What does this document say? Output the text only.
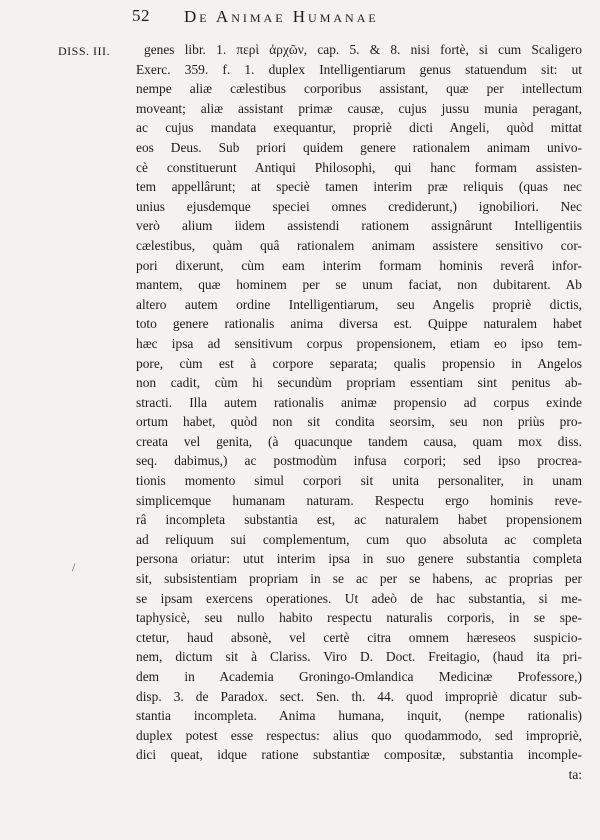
52 De Animae Humanae
DISS. III.
/
genes libr. 1. περὶ ἀρχῶν, cap. 5. & 8. nisi fortè, si cum Scaligero
Exerc. 359. f. 1. duplex Intelligentiarum genus statuendum sit: ut
nempe aliæ cælestibus corporibus assistant, quæ per intellectum
moveant; aliæ assistant primæ causæ, cujus jussu munia peragant,
ac cujus mandata exequantur, propriè dicti Angeli, quòd mittat
eos Deus. Sub priori quidem genere rationalem animam univo-
cè constituerunt Antiqui Philosophi, qui hanc formam assisten-
tem appellârunt; at speciè tamen interim præ reliquis (quas nec
unius ejusdemque speciei omnes crediderunt,) ignobiliori. Nec
verò alium iidem assistendi rationem assignârunt Intelligentiis
cælestibus, quàm quâ rationalem animam assistere sensitivo cor-
pori dixerunt, cùm eam interim formam hominis reverâ infor-
mantem, quæ hominem per se unum faciat, non dubitarent. Ab
altero autem ordine Intelligentiarum, seu Angelis propriè dictis,
toto genere rationalis anima diversa est. Quippe naturalem habet
hæc ipsa ad sensitivum corpus propensionem, etiam eo ipso tem-
pore, cùm est à corpore separata; qualis propensio in Angelos
non cadit, cùm hi secundùm propriam essentiam sint penitus ab-
stracti. Illa autem rationalis animæ propensio ad corpus exinde
ortum habet, quòd non sit condita seorsim, seu non priùs pro-
creata vel genita, (à quacunque tandem causa, quam mox diss.
seq. dabimus,) ac postmodùm infusa corpori; sed ipso procrea-
tionis momento simul corpori sit unita personaliter, in unam
simplicemque humanam naturam. Respectu ergo hominis reve-
râ incompleta substantia est, ac naturalem habet propensionem
ad reliquum sui complementum, cum quo absoluta ac completa
persona oriatur: utut interim ipsa in suo genere substantia completa
sit, subsistentiam propriam in se ac per se habens, ac proprias per
se ipsam exercens operationes. Ut adeò de hac substantia, si me-
taphysicè, seu nullo habito respectu naturalis corporis, in se spe-
ctetur, haud absonè, vel certè citra omnem hæreseos suspicio-
nem, dictum sit à Clariss. Viro D. Doct. Freitagio, (haud ita pri-
dem in Academia Groningo-Omlandica Medicinæ Professore,)
disp. 3. de Paradox. sect. Sen. th. 44. quod impropriè dicatur sub-
stantia incompleta. Anima humana, inquit, (nempe rationalis)
duplex potest esse respectus: alius quo quodammodo, sed impropriè,
dici queat, idque ratione substantiæ compositæ, substantia incomple-
ta:
